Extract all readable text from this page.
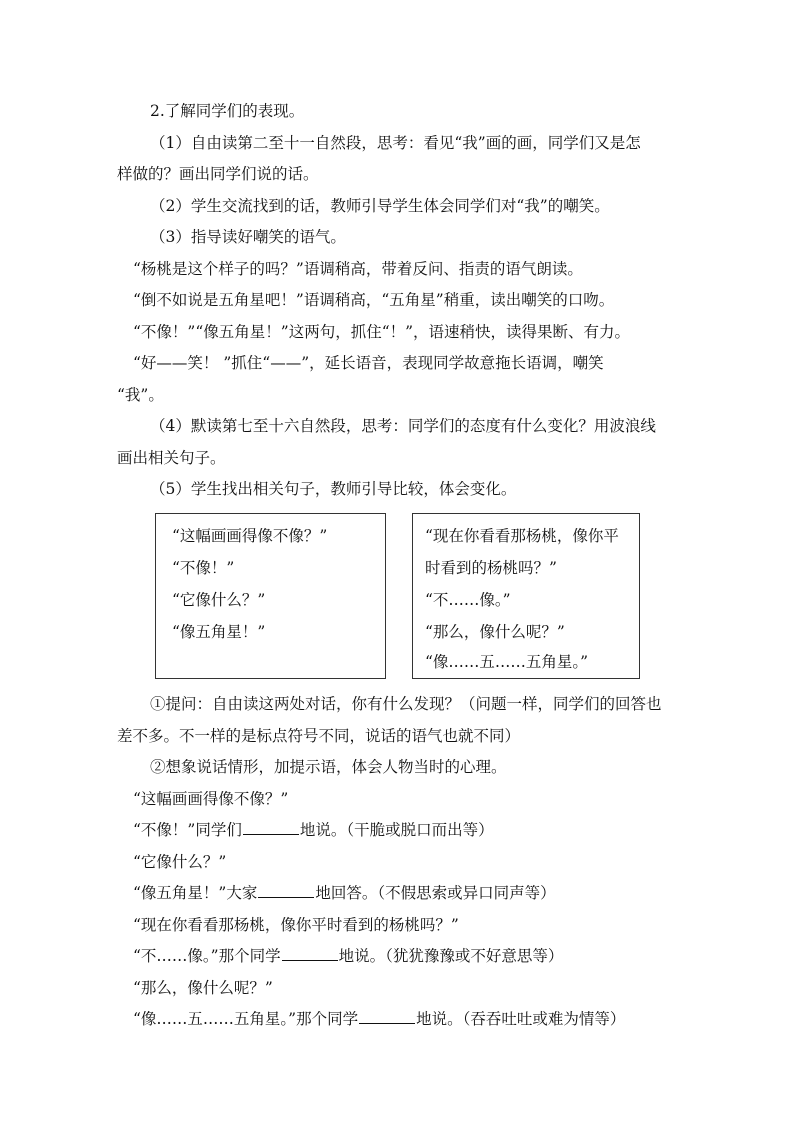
2.了解同学们的表现。
（1）自由读第二至十一自然段，思考：看见“我”画的画，同学们又是怎
样做的？画出同学们说的话。
（2）学生交流找到的话，教师引导学生体会同学们对“我”的嘲笑。
（3）指导读好嘲笑的语气。
“杨桃是这个样子的吗？”语调稍高，带着反问、指责的语气朗读。
“倒不如说是五角星吧！”语调稍高，“五角星”稍重，读出嘲笑的口吻。
“不像！”“像五角星！”这两句，抓住“！”，语速稍快，读得果断、有力。
“好——笑！ ”抓住“——”，延长语音，表现同学故意拖长语调，嘲笑
“我”。
（4）默读第七至十六自然段，思考：同学们的态度有什么变化？用波浪线
画出相关句子。
（5）学生找出相关句子，教师引导比较，体会变化。
“这幅画画得像不像？”
“不像！”
“它像什么？”
“像五角星！”
“现在你看看那杨桃，像你平
时看到的杨桃吗？”
“不……像。”
“那么，像什么呢？”
“像……五……五角星。”
①提问：自由读这两处对话，你有什么发现？（问题一样，同学们的回答也
差不多。不一样的是标点符号不同，说话的语气也就不同）
②想象说话情形，加提示语，体会人物当时的心理。
“这幅画画得像不像？”
“不像！”同学们	地说。（干脆或脱口而出等）
“它像什么？”
“像五角星！”大家	地回答。（不假思索或异口同声等）
“现在你看看那杨桃，像你平时看到的杨桃吗？”
“不……像。”那个同学	地说。（犹犹豫豫或不好意思等）
“那么，像什么呢？”
“像……五……五角星。”那个同学	地说。（吞吞吐吐或难为情等）
